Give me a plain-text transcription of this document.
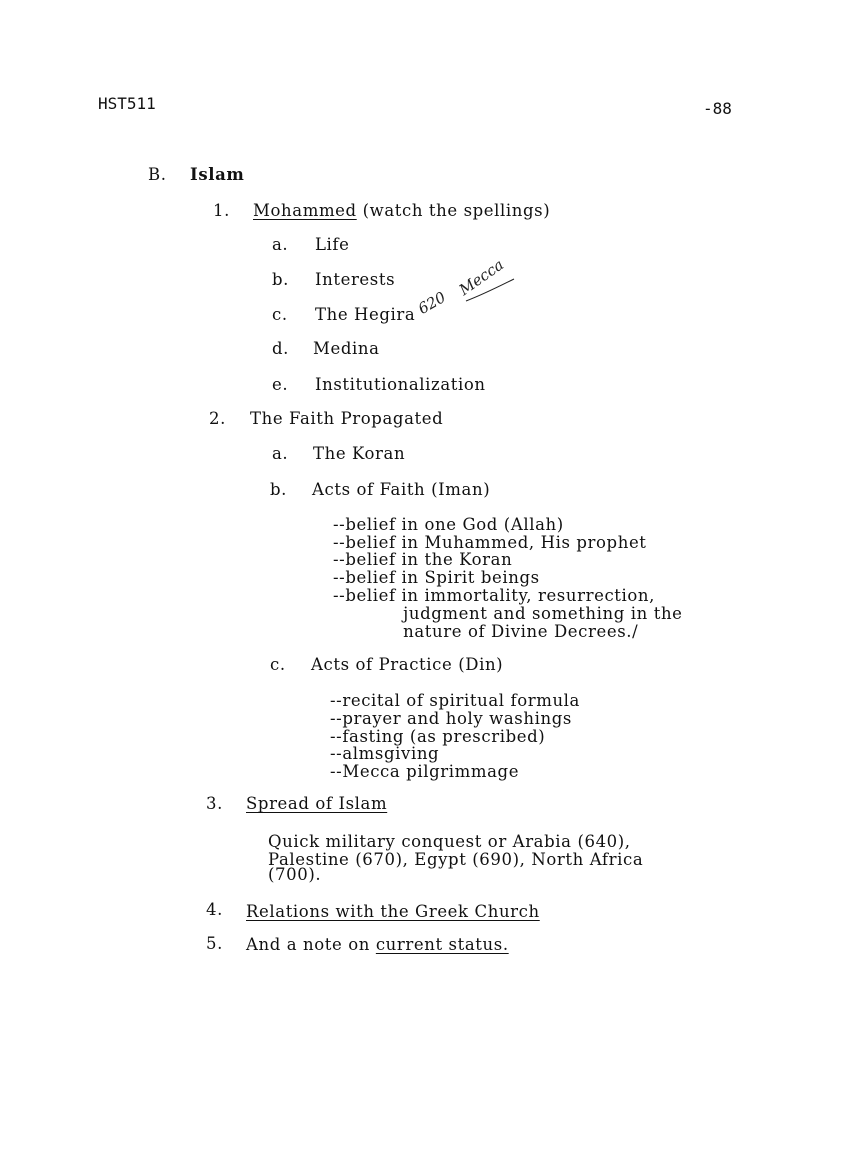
HST511	-88
B. Islam
1. Mohammed (watch the spellings)
a. Life
b. Interests
c. The Hegira 620
Mecca
d. Medina
e. Institutionalization
2. The Faith Propagated
a. The Koran
b. Acts of Faith (Iman)
--belief in one God (Allah)
--belief in Muhammed, His prophet
--belief in the Koran
--belief in Spirit beings
--belief in immortality, resurrection,
judgment and something in the
nature of Divine Decrees./
c. Acts of Practice (Din)
--recital of spiritual formula
--prayer and holy washings
--fasting (as prescribed)
--almsgiving
--Mecca pilgrimmage
3. Spread of Islam
Quick military conquest or Arabia (640),
Palestine (670), Egypt (690), North Africa
(700).
4. Relations with the Greek Church
5. And a note on current status.
